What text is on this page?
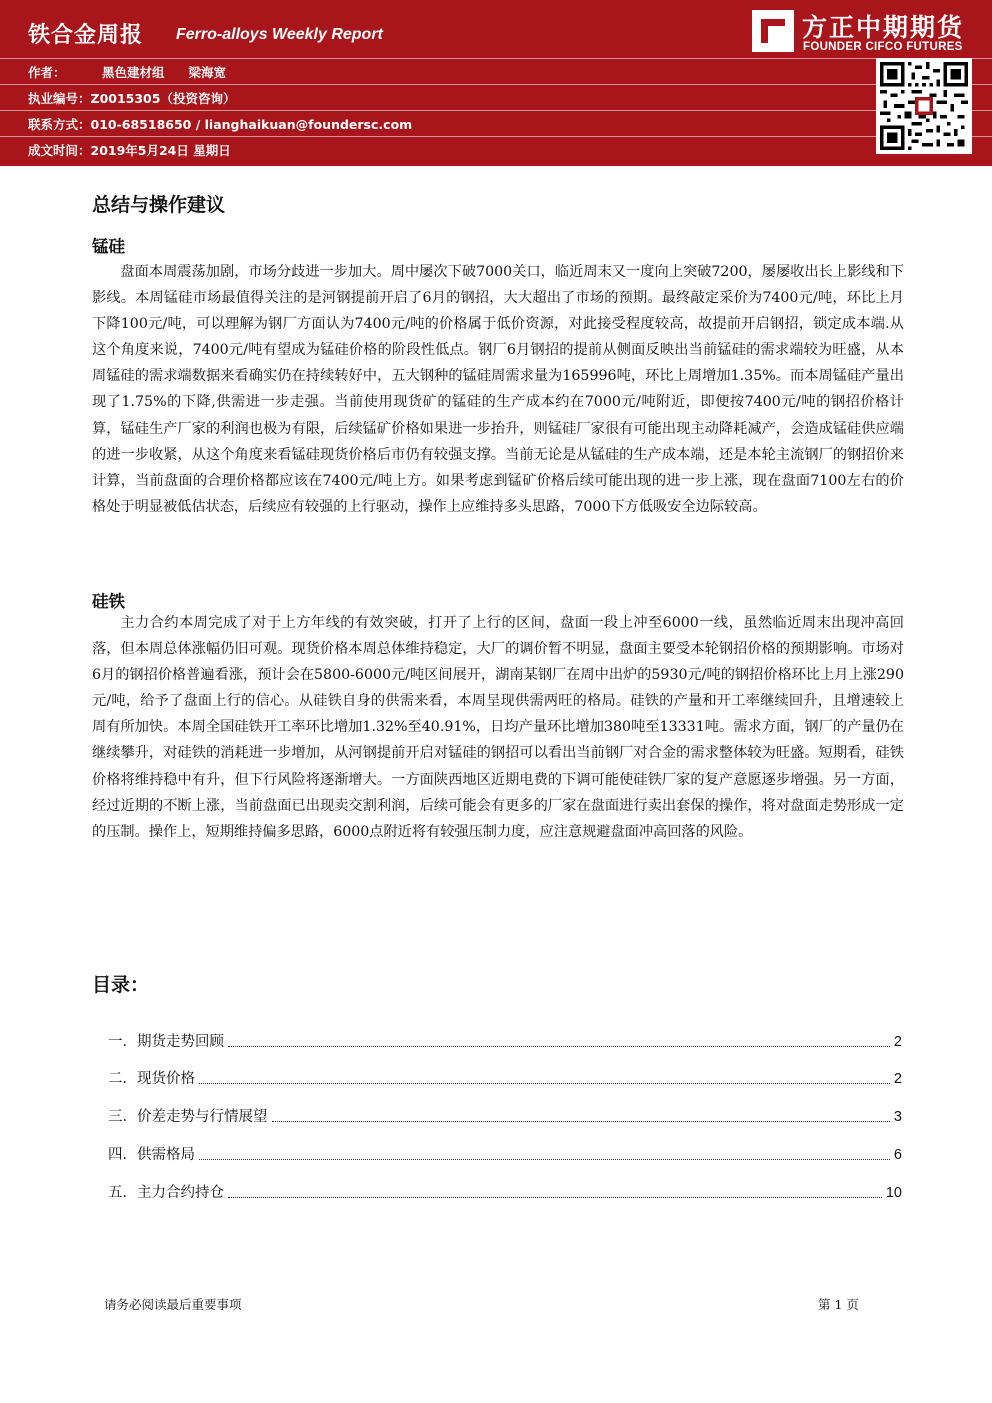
铁合金周报 Ferro-alloys Weekly Report	方正中期期货
FOUNDER CIFCO FUTURES
作者：	黑色建材组 梁海宽
执业编号：Z0015305（投资咨询）
联系方式：010-68518650 / lianghaikuan@foundersc.com
成文时间：2019年5月24日 星期日
总结与操作建议
锰硅
盘面本周震荡加剧，市场分歧进一步加大。周中屡次下破7000关口，临近周末又一度向上突破7200，屡屡收出长上影线和下影线。本周锰硅市场最值得关注的是河钢提前开启了6月的钢招，大大超出了市场的预期。最终敲定采价为7400元/吨，环比上月下降100元/吨，可以理解为钢厂方面认为7400元/吨的价格属于低价资源，对此接受程度较高，故提前开启钢招，锁定成本端.从这个角度来说，7400元/吨有望成为锰硅价格的阶段性低点。钢厂6月钢招的提前从侧面反映出当前锰硅的需求端较为旺盛，从本周锰硅的需求端数据来看确实仍在持续转好中，五大钢种的锰硅周需求量为165996吨，环比上周增加1.35%。而本周锰硅产量出现了1.75%的下降,供需进一步走强。当前使用现货矿的锰硅的生产成本约在7000元/吨附近，即便按7400元/吨的钢招价格计算，锰硅生产厂家的利润也极为有限，后续锰矿价格如果进一步抬升，则锰硅厂家很有可能出现主动降耗减产，会造成锰硅供应端的进一步收紧，从这个角度来看锰硅现货价格后市仍有较强支撑。当前无论是从锰硅的生产成本端，还是本轮主流钢厂的钢招价来计算，当前盘面的合理价格都应该在7400元/吨上方。如果考虑到锰矿价格后续可能出现的进一步上涨，现在盘面7100左右的价格处于明显被低估状态，后续应有较强的上行驱动，操作上应维持多头思路，7000下方低吸安全边际较高。
硅铁
主力合约本周完成了对于上方年线的有效突破，打开了上行的区间，盘面一段上冲至6000一线，虽然临近周末出现冲高回落，但本周总体涨幅仍旧可观。现货价格本周总体维持稳定，大厂的调价暂不明显，盘面主要受本轮钢招价格的预期影响。市场对6月的钢招价格普遍看涨，预计会在5800-6000元/吨区间展开，湖南某钢厂在周中出炉的5930元/吨的钢招价格环比上月上涨290元/吨，给予了盘面上行的信心。从硅铁自身的供需来看，本周呈现供需两旺的格局。硅铁的产量和开工率继续回升，且增速较上周有所加快。本周全国硅铁开工率环比增加1.32%至40.91%，日均产量环比增加380吨至13331吨。需求方面，钢厂的产量仍在继续攀升，对硅铁的消耗进一步增加，从河钢提前开启对锰硅的钢招可以看出当前钢厂对合金的需求整体较为旺盛。短期看，硅铁价格将维持稳中有升，但下行风险将逐渐增大。一方面陕西地区近期电费的下调可能使硅铁厂家的复产意愿逐步增强。另一方面，经过近期的不断上涨，当前盘面已出现卖交割利润，后续可能会有更多的厂家在盘面进行卖出套保的操作，将对盘面走势形成一定的压制。操作上，短期维持偏多思路，6000点附近将有较强压制力度，应注意规避盘面冲高回落的风险。
目录：
一． 期货走势回顾	2
二． 现货价格	2
三． 价差走势与行情展望	3
四． 供需格局	6
五． 主力合约持仓	10
请务必阅读最后重要事项	第 1 页
